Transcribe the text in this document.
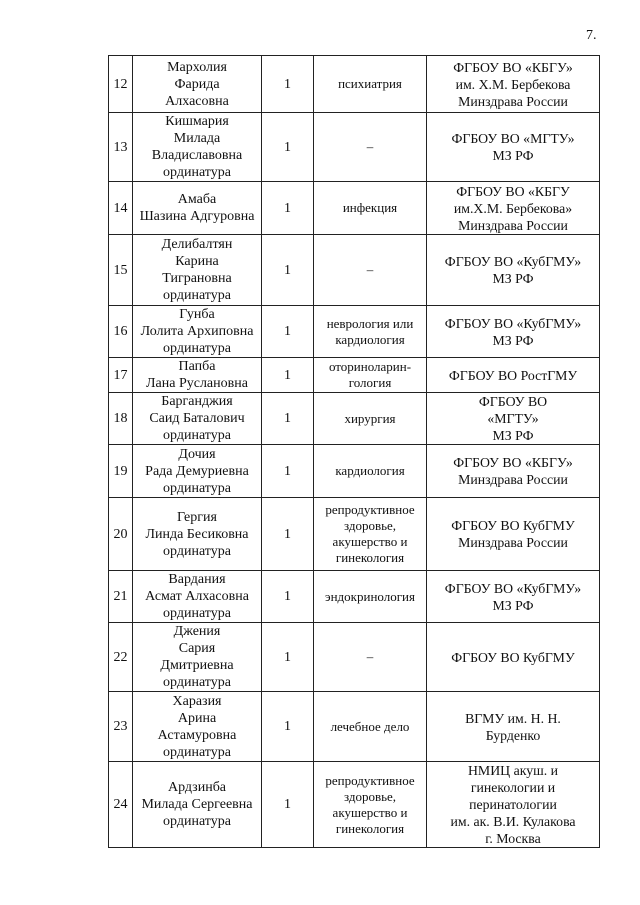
7.
12	Мархолия
Фарида
Алхасовна	1	психиатрия	ФГБОУ ВО «КБГУ»
им. Х.М. Бербекова
Минздрава России

13	Кишмария
Милада
Владиславовна
ординатура	1	–	ФГБОУ ВО «МГТУ»
МЗ РФ

14	Амаба
Шазина Адгуровна	1	инфекция	ФГБОУ ВО «КБГУ
им.Х.М. Бербекова»
Минздрава России

15	Делибалтян
Карина
Тиграновна
ординатура	1	–	ФГБОУ ВО «КубГМУ»
МЗ РФ

16	Гунба
Лолита Архиповна
ординатура	1	неврология или
кардиология	ФГБОУ ВО «КубГМУ»
МЗ РФ

17	Папба
Лана Руслановна	1	оториноларин-
гология	ФГБОУ ВО РостГМУ

18	Барганджия
Саид Баталович
ординатура	1	хирургия	ФГБОУ ВО
«МГТУ»
МЗ РФ

19	Дочия
Рада Демуриевна
ординатура	1	кардиология	ФГБОУ ВО «КБГУ»
Минздрава России

20	Гергия
Линда Бесиковна
ординатура	1	репродуктивное
здоровье,
акушерство и
гинекология	ФГБОУ ВО КубГМУ
Минздрава России

21	Вардания
Асмат Алхасовна
ординатура	1	эндокринология	ФГБОУ ВО «КубГМУ»
МЗ РФ

22	Джения
Сария
Дмитриевна
ординатура	1	–	ФГБОУ ВО КубГМУ

23	Харазия
Арина
Астамуровна
ординатура	1	лечебное дело	ВГМУ им. Н. Н.
Бурденко

24	Ардзинба
Милада Сергеевна
ординатура	1	репродуктивное
здоровье,
акушерство и
гинекология	НМИЦ акуш. и
гинекологии и
перинатологии
им. ак. В.И. Кулакова
г. Москва
